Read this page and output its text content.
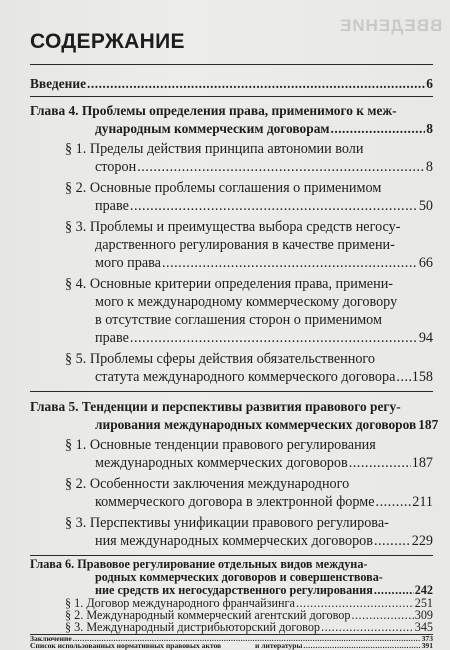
ВВЕДЕНИЕ
СОДЕРЖАНИЕ
Введение .....	6
Глава 4. Проблемы определения права, применимого к меж-
дународным коммерческим договорам .....	8
§ 1. Пределы действия принципа автономии воли
сторон .....	8
§ 2. Основные проблемы соглашения о применимом
праве .....	50
§ 3. Проблемы и преимущества выбора средств негосу-
дарственного регулирования в качестве примени-
мого права .....	66
§ 4. Основные критерии определения права, примени-
мого к международному коммерческому договору
в отсутствие соглашения сторон о применимом
праве .....	94
§ 5. Проблемы сферы действия обязательственного
статута международного коммерческого договора ..... 158
Глава 5. Тенденции и перспективы развития правового регу-
лирования международных коммерческих договоров 187
§ 1. Основные тенденции правового регулирования
международных коммерческих договоров .....	187
§ 2. Особенности заключения международного
коммерческого договора в электронной форме .....	211
§ 3. Перспективы унификации правового регулирова-
ния международных коммерческих договоров .....	229
Глава 6. Правовое регулирование отдельных видов междуна-
родных коммерческих договоров и совершенствова-
ние средств их негосударственного регулирования .....	242
§ 1. Договор международного франчайзинга .....	251
§ 2. Международный коммерческий агентский договор .....	309
§ 3. Международный дистрибьюторский договор .....	345
Заключение .....	373
Список использованных нормативных правовых актов	и литературы .....	391
